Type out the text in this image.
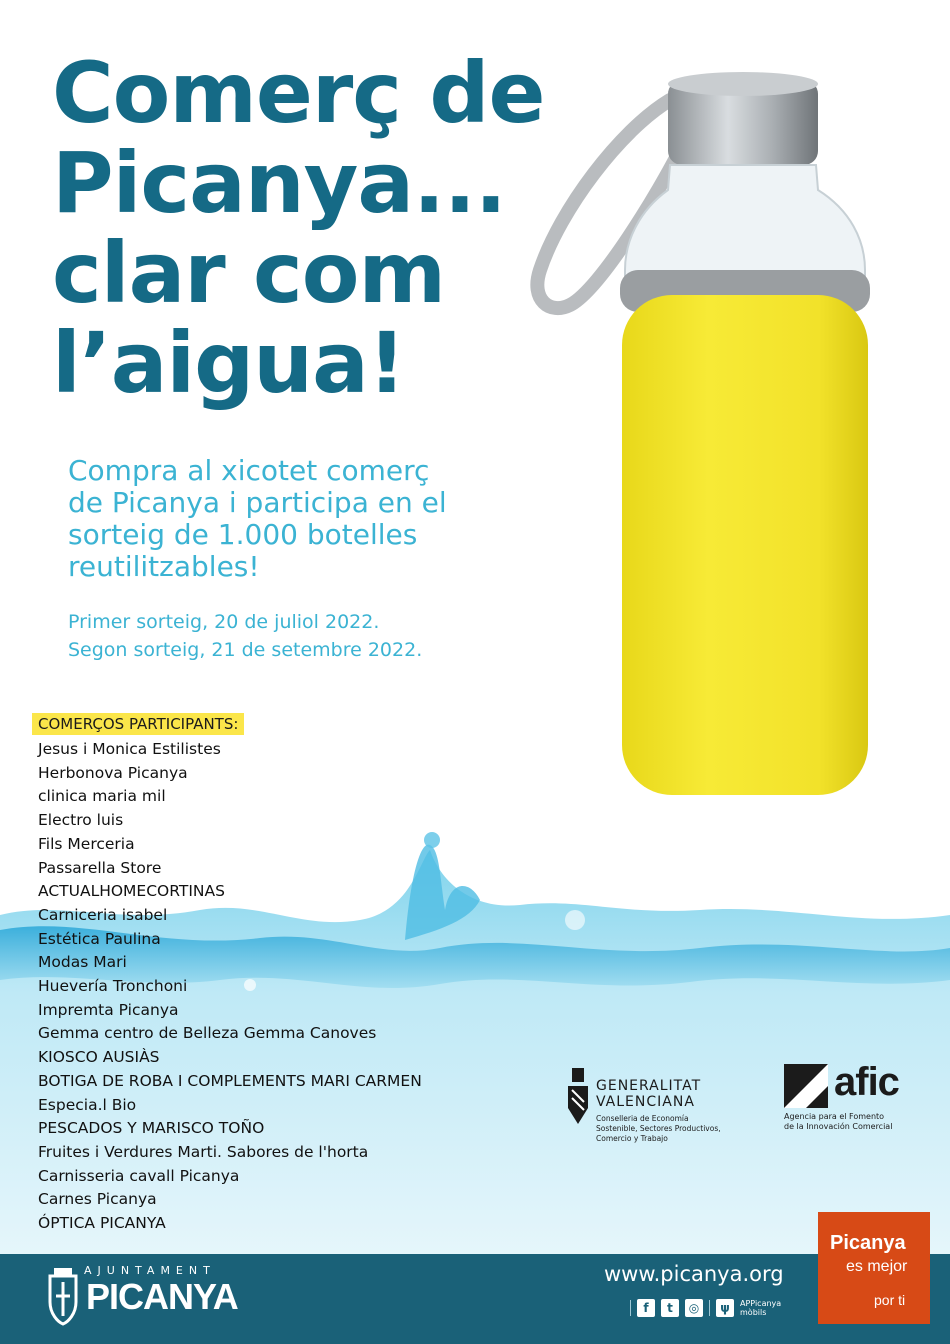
Comerç de
Picanya...
clar com
l’aigua!
Compra al xicotet comerç
de Picanya i participa en el
sorteig de 1.000 botelles
reutilitzables!
Primer sorteig, 20 de juliol 2022.
Segon sorteig, 21 de setembre 2022.
COMERÇOS PARTICIPANTS:
Jesus i Monica Estilistes
Herbonova Picanya
clinica maria mil
Electro luis
Fils Merceria
Passarella Store
ACTUALHOMECORTINAS
Carniceria isabel
Estética Paulina
Modas Mari
Huevería Tronchoni
Impremta Picanya
Gemma centro de Belleza Gemma Canoves
KIOSCO AUSIÀS
BOTIGA DE ROBA I COMPLEMENTS MARI CARMEN
Especia.l Bio
PESCADOS Y MARISCO TOÑO
Fruites i Verdures Marti. Sabores de l'horta
Carnisseria cavall Picanya
Carnes Picanya
ÓPTICA PICANYA
GENERALITAT
VALENCIANA
Conselleria de Economía
Sostenible, Sectores Productivos,
Comercio y Trabajo
afic
Agencia para el Fomento
de la Innovación Comercial
AJUNTAMENT
PICANYA
www.picanya.org
f	t	◎	ψ	APPicanya
mòbils
Picanya
es mejor
por ti
